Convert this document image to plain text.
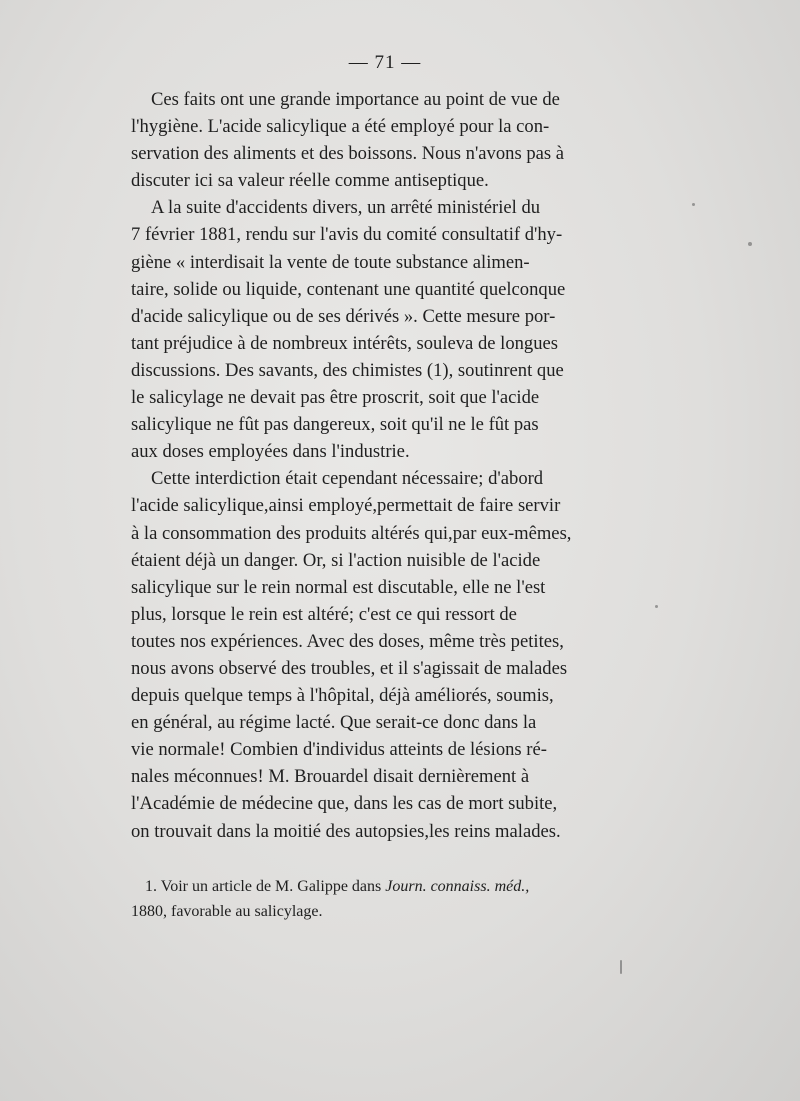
— 71 —
Ces faits ont une grande importance au point de vue de
l'hygiène. L'acide salicylique a été employé pour la con-
servation des aliments et des boissons. Nous n'avons pas à
discuter ici sa valeur réelle comme antiseptique.
A la suite d'accidents divers, un arrêté ministériel du
7 février 1881, rendu sur l'avis du comité consultatif d'hy-
giène « interdisait la vente de toute substance alimen-
taire, solide ou liquide, contenant une quantité quelconque
d'acide salicylique ou de ses dérivés ». Cette mesure por-
tant préjudice à de nombreux intérêts, souleva de longues
discussions. Des savants, des chimistes (1), soutinrent que
le salicylage ne devait pas être proscrit, soit que l'acide
salicylique ne fût pas dangereux, soit qu'il ne le fût pas
aux doses employées dans l'industrie.
Cette interdiction était cependant nécessaire; d'abord
l'acide salicylique,ainsi employé,permettait de faire servir
à la consommation des produits altérés qui,par eux-mêmes,
étaient déjà un danger. Or, si l'action nuisible de l'acide
salicylique sur le rein normal est discutable, elle ne l'est
plus, lorsque le rein est altéré; c'est ce qui ressort de
toutes nos expériences. Avec des doses, même très petites,
nous avons observé des troubles, et il s'agissait de malades
depuis quelque temps à l'hôpital, déjà améliorés, soumis,
en général, au régime lacté. Que serait-ce donc dans la
vie normale! Combien d'individus atteints de lésions ré-
nales méconnues! M. Brouardel disait dernièrement à
l'Académie de médecine que, dans les cas de mort subite,
on trouvait dans la moitié des autopsies,les reins malades.
1. Voir un article de M. Galippe dans Journ. connaiss. méd.,
1880, favorable au salicylage.
